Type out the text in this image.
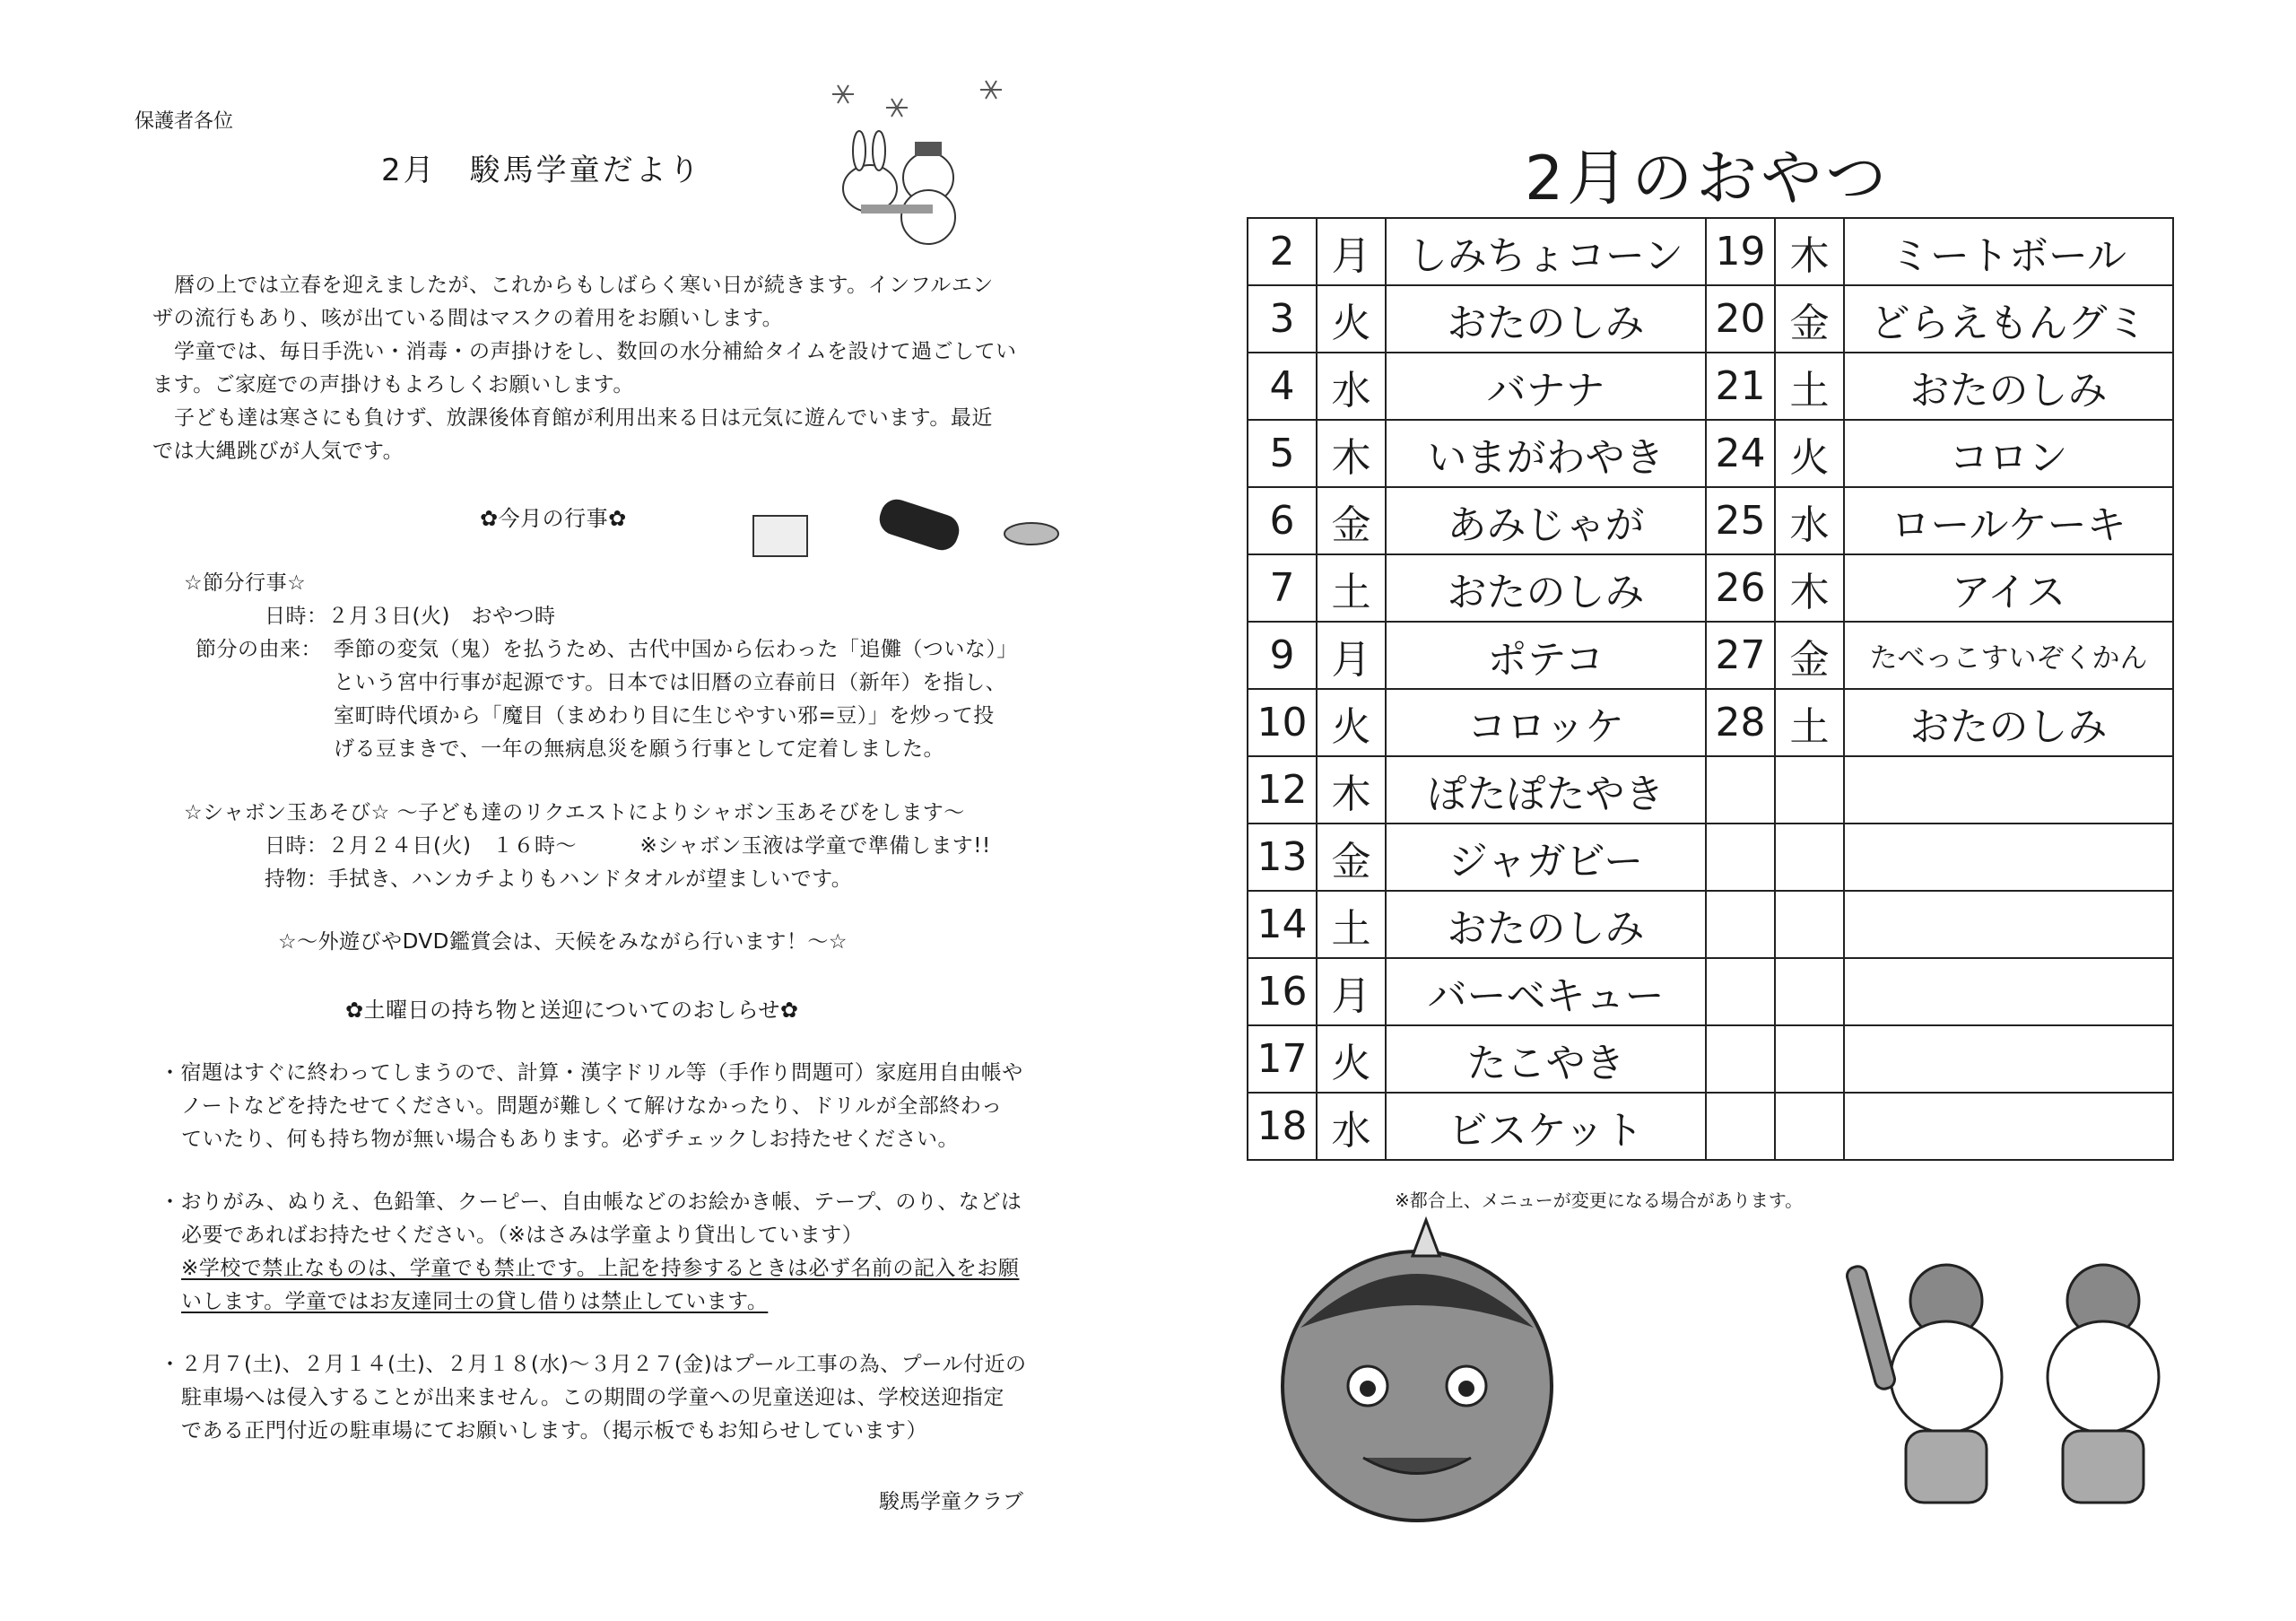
保護者各位
2月　駿馬学童だより
暦の上では立春を迎えましたが、これからもしばらく寒い日が続きます。インフルエン
ザの流行もあり、咳が出ている間はマスクの着用をお願いします。
学童では、毎日手洗い・消毒・の声掛けをし、数回の水分補給タイムを設けて過ごしてい
ます。ご家庭での声掛けもよろしくお願いします。
子ども達は寒さにも負けず、放課後体育館が利用出来る日は元気に遊んでいます。最近
では大縄跳びが人気です。
✿今月の行事✿
☆節分行事☆
日時：２月３日(火)　おやつ時
節分の由来： 季節の変気（鬼）を払うため、古代中国から伝わった「追儺（ついな）」
という宮中行事が起源です。日本では旧暦の立春前日（新年）を指し、
室町時代頃から「魔目（まめわり目に生じやすい邪=豆）」を炒って投
げる豆まきで、一年の無病息災を願う行事として定着しました。
☆シャボン玉あそび☆ ～子ども達のリクエストによりシャボン玉あそびをします～
日時：２月２４日(火)　１６時～　　　※シャボン玉液は学童で準備します!!
持物：手拭き、ハンカチよりもハンドタオルが望ましいです。
☆～外遊びやDVD鑑賞会は、天候をみながら行います！～☆
✿土曜日の持ち物と送迎についてのおしらせ✿
・宿題はすぐに終わってしまうので、計算・漢字ドリル等（手作り問題可）家庭用自由帳や
ノートなどを持たせてください。問題が難しくて解けなかったり、ドリルが全部終わっ
ていたり、何も持ち物が無い場合もあります。必ずチェックしお持たせください。
・おりがみ、ぬりえ、色鉛筆、クーピー、自由帳などのお絵かき帳、テープ、のり、などは
必要であればお持たせください。（※はさみは学童より貸出しています）
※学校で禁止なものは、学童でも禁止です。上記を持参するときは必ず名前の記入をお願
いします。学童ではお友達同士の貸し借りは禁止しています。
・２月７(土)、２月１４(土)、２月１８(水)～３月２７(金)はプール工事の為、プール付近の
駐車場へは侵入することが出来ません。この期間の学童への児童送迎は、学校送迎指定
である正門付近の駐車場にてお願いします。（掲示板でもお知らせしています）
駿馬学童クラブ
2月のおやつ
2	月	しみちょコーン	19	木	ミートボール
3	火	おたのしみ	20	金	どらえもんグミ
4	水	バナナ	21	土	おたのしみ
5	木	いまがわやき	24	火	コロン
6	金	あみじゃが	25	水	ロールケーキ
7	土	おたのしみ	26	木	アイス
9	月	ポテコ	27	金	たべっこすいぞくかん
10	火	コロッケ	28	土	おたのしみ
12	木	ぽたぽたやき			
13	金	ジャガビー			
14	土	おたのしみ			
16	月	バーベキュー			
17	火	たこやき			
18	水	ビスケット			
※都合上、メニューが変更になる場合があります。
